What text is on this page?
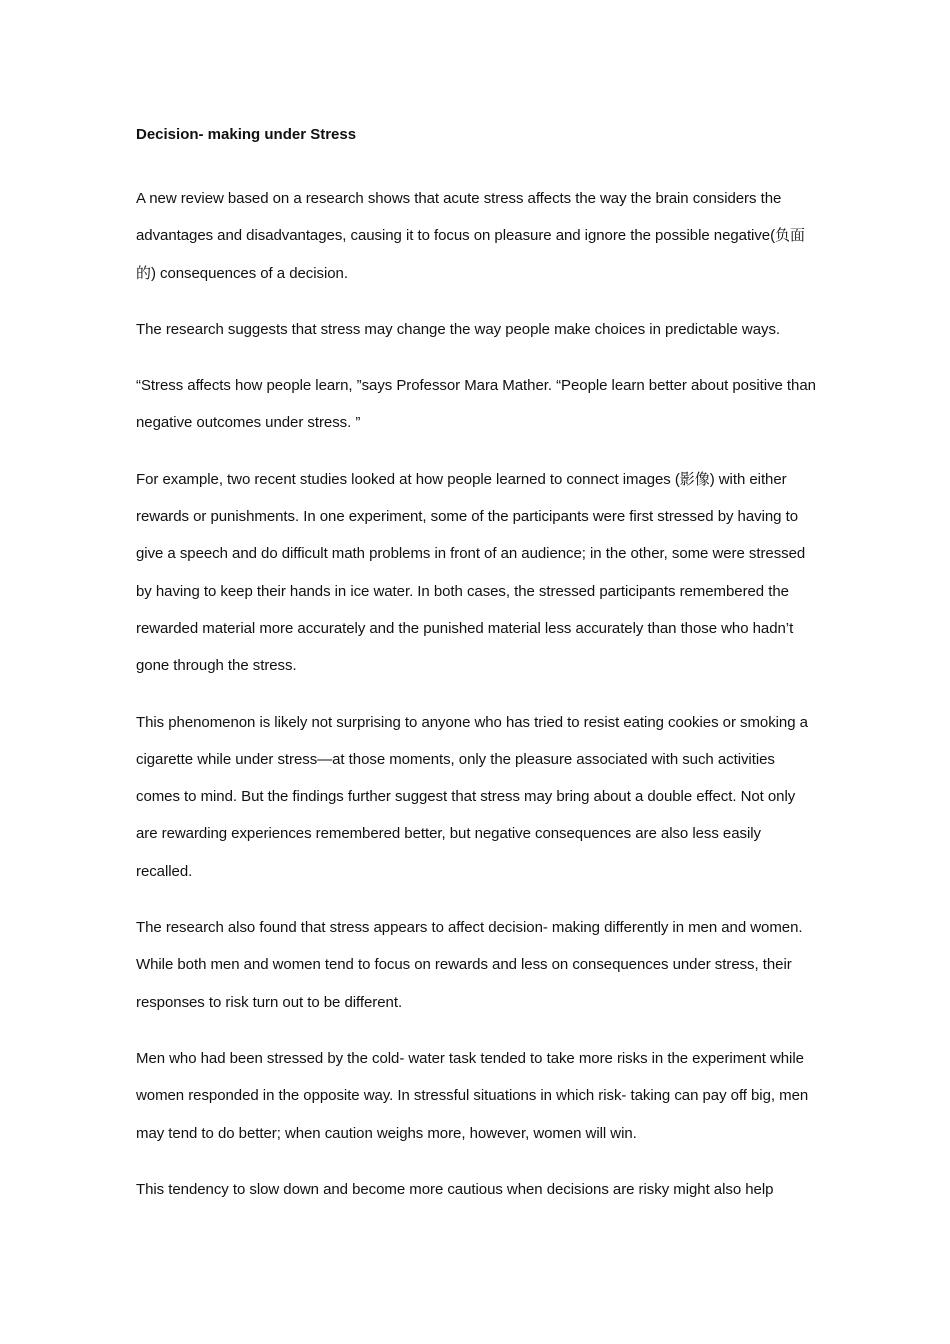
Decision- making under Stress

A new review based on a research shows that acute stress affects the way the brain considers the advantages and disadvantages, causing it to focus on pleasure and ignore the possible negative(负面的) consequences of a decision.

The research suggests that stress may change the way people make choices in predictable ways.

“Stress affects how people learn, ”says Professor Mara Mather. “People learn better about positive than negative outcomes under stress. ”

For example, two recent studies looked at how people learned to connect images (影像) with either rewards or punishments. In one experiment, some of the participants were first stressed by having to give a speech and do difficult math problems in front of an audience; in the other, some were stressed by having to keep their hands in ice water. In both cases, the stressed participants remembered the rewarded material more accurately and the punished material less accurately than those who hadn’t gone through the stress.

This phenomenon is likely not surprising to anyone who has tried to resist eating cookies or smoking a cigarette while under stress—at those moments, only the pleasure associated with such activities comes to mind. But the findings further suggest that stress may bring about a double effect. Not only are rewarding experiences remembered better, but negative consequences are also less easily recalled.

The research also found that stress appears to affect decision- making differently in men and women. While both men and women tend to focus on rewards and less on consequences under stress, their responses to risk turn out to be different.

Men who had been stressed by the cold- water task tended to take more risks in the experiment while women responded in the opposite way. In stressful situations in which risk- taking can pay off big, men may tend to do better; when caution weighs more, however, women will win.

This tendency to slow down and become more cautious when decisions are risky might also help
